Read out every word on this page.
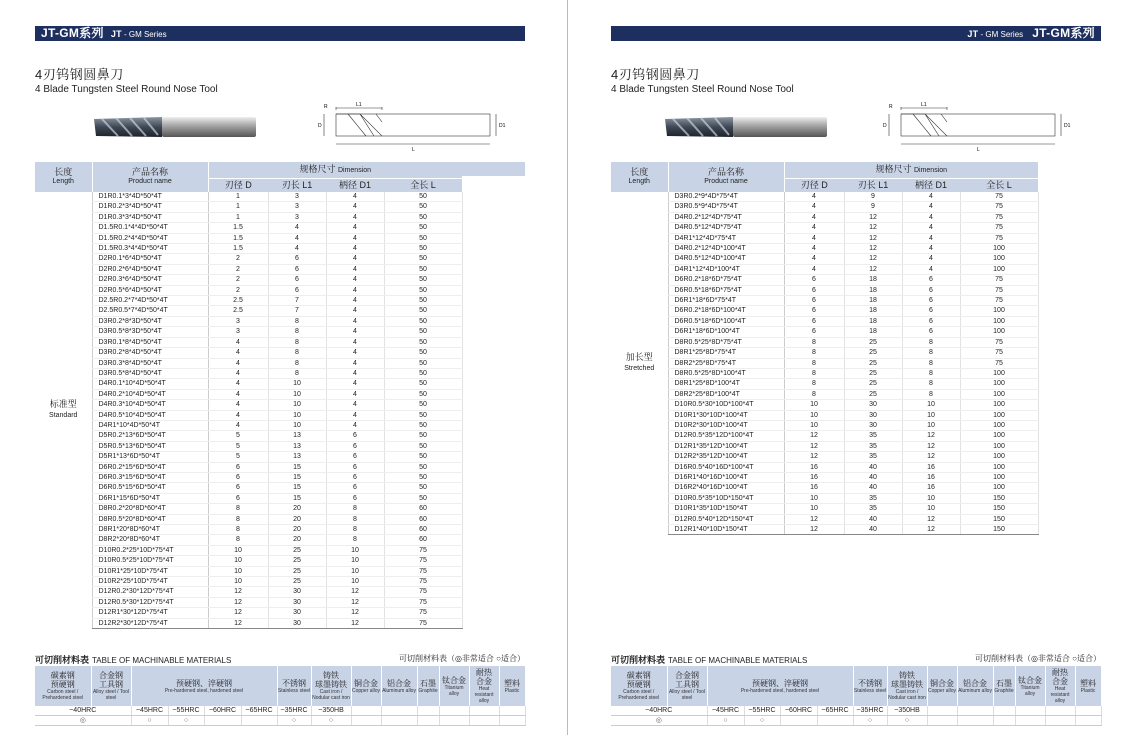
JT-GM系列 JT - GM Series
4刃钨钢圆鼻刀
4 Blade Tungsten Steel Round Nose Tool
R	L1
D	D1
L
长度
Length	产品名称
Product name	规格尺寸 Dimension			
		刃径 D	刃长 L1	柄径 D1	全长 L
标准型
Standard	D1R0.1*3*4D*50*4T	1	3	4	50
	D1R0.2*3*4D*50*4T	1	3	4	50
	D1R0.3*3*4D*50*4T	1	3	4	50
	D1.5R0.1*4*4D*50*4T	1.5	4	4	50
	D1.5R0.2*4*4D*50*4T	1.5	4	4	50
	D1.5R0.3*4*4D*50*4T	1.5	4	4	50
	D2R0.1*6*4D*50*4T	2	6	4	50
	D2R0.2*6*4D*50*4T	2	6	4	50
	D2R0.3*6*4D*50*4T	2	6	4	50
	D2R0.5*6*4D*50*4T	2	6	4	50
	D2.5R0.2*7*4D*50*4T	2.5	7	4	50
	D2.5R0.5*7*4D*50*4T	2.5	7	4	50
	D3R0.2*8*3D*50*4T	3	8	4	50
	D3R0.5*8*3D*50*4T	3	8	4	50
	D3R0.1*8*4D*50*4T	4	8	4	50
	D3R0.2*8*4D*50*4T	4	8	4	50
	D3R0.3*8*4D*50*4T	4	8	4	50
	D3R0.5*8*4D*50*4T	4	8	4	50
	D4R0.1*10*4D*50*4T	4	10	4	50
	D4R0.2*10*4D*50*4T	4	10	4	50
	D4R0.3*10*4D*50*4T	4	10	4	50
	D4R0.5*10*4D*50*4T	4	10	4	50
	D4R1*10*4D*50*4T	4	10	4	50
	D5R0.2*13*6D*50*4T	5	13	6	50
	D5R0.5*13*6D*50*4T	5	13	6	50
	D5R1*13*6D*50*4T	5	13	6	50
	D6R0.2*15*6D*50*4T	6	15	6	50
	D6R0.3*15*6D*50*4T	6	15	6	50
	D6R0.5*15*6D*50*4T	6	15	6	50
	D6R1*15*6D*50*4T	6	15	6	50
	D8R0.2*20*8D*60*4T	8	20	8	60
	D8R0.5*20*8D*60*4T	8	20	8	60
	D8R1*20*8D*60*4T	8	20	8	60
	D8R2*20*8D*60*4T	8	20	8	60
	D10R0.2*25*10D*75*4T	10	25	10	75
	D10R0.5*25*10D*75*4T	10	25	10	75
	D10R1*25*10D*75*4T	10	25	10	75
	D10R2*25*10D*75*4T	10	25	10	75
	D12R0.2*30*12D*75*4T	12	30	12	75
	D12R0.5*30*12D*75*4T	12	30	12	75
	D12R1*30*12D*75*4T	12	30	12	75
	D12R2*30*12D*75*4T	12	30	12	75
可切削材料表 TABLE OF MACHINABLE MATERIALS	可切削材料表（◎非常适合 ○适合）
碳素钢
预硬钢
Carbon steel / Prehardened steel	合金钢
工具钢
Alloy steel / Tool steel	预硬钢、淬硬钢
Pre-hardened steel, hardened steel				不锈钢
Stainless steel	铸铁
球墨铸铁
Cast iron / Nodular cast iron	铜合金
Copper alloy	铝合金
Aluminum alloy	石墨
Graphite	钛合金
Titanium alloy	耐热
合金
Heat resistant alloy	塑料
Plastic

~40HRC		~45HRC	~55HRC	~60HRC	~65HRC	~35HRC	~350HB						
◎		○	○			○	○						
JT - GM Series JT-GM系列
4刃钨钢圆鼻刀
4 Blade Tungsten Steel Round Nose Tool
R	L1
D	D1
L
长度
Length	产品名称
Product name	规格尺寸 Dimension			
		刃径 D	刃长 L1	柄径 D1	全长 L
加长型
Stretched	D3R0.2*9*4D*75*4T	4	9	4	75
	D3R0.5*9*4D*75*4T	4	9	4	75
	D4R0.2*12*4D*75*4T	4	12	4	75
	D4R0.5*12*4D*75*4T	4	12	4	75
	D4R1*12*4D*75*4T	4	12	4	75
	D4R0.2*12*4D*100*4T	4	12	4	100
	D4R0.5*12*4D*100*4T	4	12	4	100
	D4R1*12*4D*100*4T	4	12	4	100
	D6R0.2*18*6D*75*4T	6	18	6	75
	D6R0.5*18*6D*75*4T	6	18	6	75
	D6R1*18*6D*75*4T	6	18	6	75
	D6R0.2*18*6D*100*4T	6	18	6	100
	D6R0.5*18*6D*100*4T	6	18	6	100
	D6R1*18*6D*100*4T	6	18	6	100
	D8R0.5*25*8D*75*4T	8	25	8	75
	D8R1*25*8D*75*4T	8	25	8	75
	D8R2*25*8D*75*4T	8	25	8	75
	D8R0.5*25*8D*100*4T	8	25	8	100
	D8R1*25*8D*100*4T	8	25	8	100
	D8R2*25*8D*100*4T	8	25	8	100
	D10R0.5*30*10D*100*4T	10	30	10	100
	D10R1*30*10D*100*4T	10	30	10	100
	D10R2*30*10D*100*4T	10	30	10	100
	D12R0.5*35*12D*100*4T	12	35	12	100
	D12R1*35*12D*100*4T	12	35	12	100
	D12R2*35*12D*100*4T	12	35	12	100
	D16R0.5*40*16D*100*4T	16	40	16	100
	D16R1*40*16D*100*4T	16	40	16	100
	D16R2*40*16D*100*4T	16	40	16	100
	D10R0.5*35*10D*150*4T	10	35	10	150
	D10R1*35*10D*150*4T	10	35	10	150
	D12R0.5*40*12D*150*4T	12	40	12	150
	D12R1*40*10D*150*4T	12	40	12	150
可切削材料表 TABLE OF MACHINABLE MATERIALS	可切削材料表（◎非常适合 ○适合）
碳素钢
预硬钢
Carbon steel / Prehardened steel	合金钢
工具钢
Alloy steel / Tool steel	预硬钢、淬硬钢
Pre-hardened steel, hardened steel				不锈钢
Stainless steel	铸铁
球墨铸铁
Cast iron / Nodular cast iron	铜合金
Copper alloy	铝合金
Aluminum alloy	石墨
Graphite	钛合金
Titanium alloy	耐热
合金
Heat resistant alloy	塑料
Plastic

~40HRC		~45HRC	~55HRC	~60HRC	~65HRC	~35HRC	~350HB						
◎		○	○			○	○						
